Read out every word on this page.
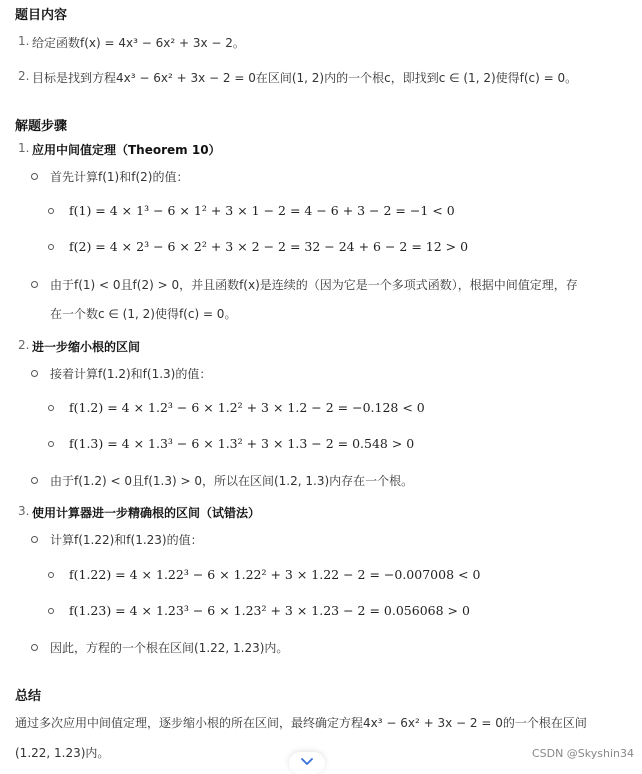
题目内容
1. 给定函数f(x) = 4x³ − 6x² + 3x − 2。
2. 目标是找到方程4x³ − 6x² + 3x − 2 = 0在区间(1, 2)内的一个根c，即找到c ∈ (1, 2)使得f(c) = 0。
解题步骤
1. 应用中间值定理（Theorem 10）
首先计算f(1)和f(2)的值：
f(1) = 4 × 1³ − 6 × 1² + 3 × 1 − 2 = 4 − 6 + 3 − 2 = −1 < 0
f(2) = 4 × 2³ − 6 × 2² + 3 × 2 − 2 = 32 − 24 + 6 − 2 = 12 > 0
由于f(1) < 0且f(2) > 0，并且函数f(x)是连续的（因为它是一个多项式函数），根据中间值定理，存
在一个数c ∈ (1, 2)使得f(c) = 0。
2. 进一步缩小根的区间
接着计算f(1.2)和f(1.3)的值：
f(1.2) = 4 × 1.2³ − 6 × 1.2² + 3 × 1.2 − 2 = −0.128 < 0
f(1.3) = 4 × 1.3³ − 6 × 1.3² + 3 × 1.3 − 2 = 0.548 > 0
由于f(1.2) < 0且f(1.3) > 0，所以在区间(1.2, 1.3)内存在一个根。
3. 使用计算器进一步精确根的区间（试错法）
计算f(1.22)和f(1.23)的值：
f(1.22) = 4 × 1.22³ − 6 × 1.22² + 3 × 1.22 − 2 = −0.007008 < 0
f(1.23) = 4 × 1.23³ − 6 × 1.23² + 3 × 1.23 − 2 = 0.056068 > 0
因此，方程的一个根在区间(1.22, 1.23)内。
总结
通过多次应用中间值定理，逐步缩小根的所在区间，最终确定方程4x³ − 6x² + 3x − 2 = 0的一个根在区间
(1.22, 1.23)内。	CSDN @Skyshin34
